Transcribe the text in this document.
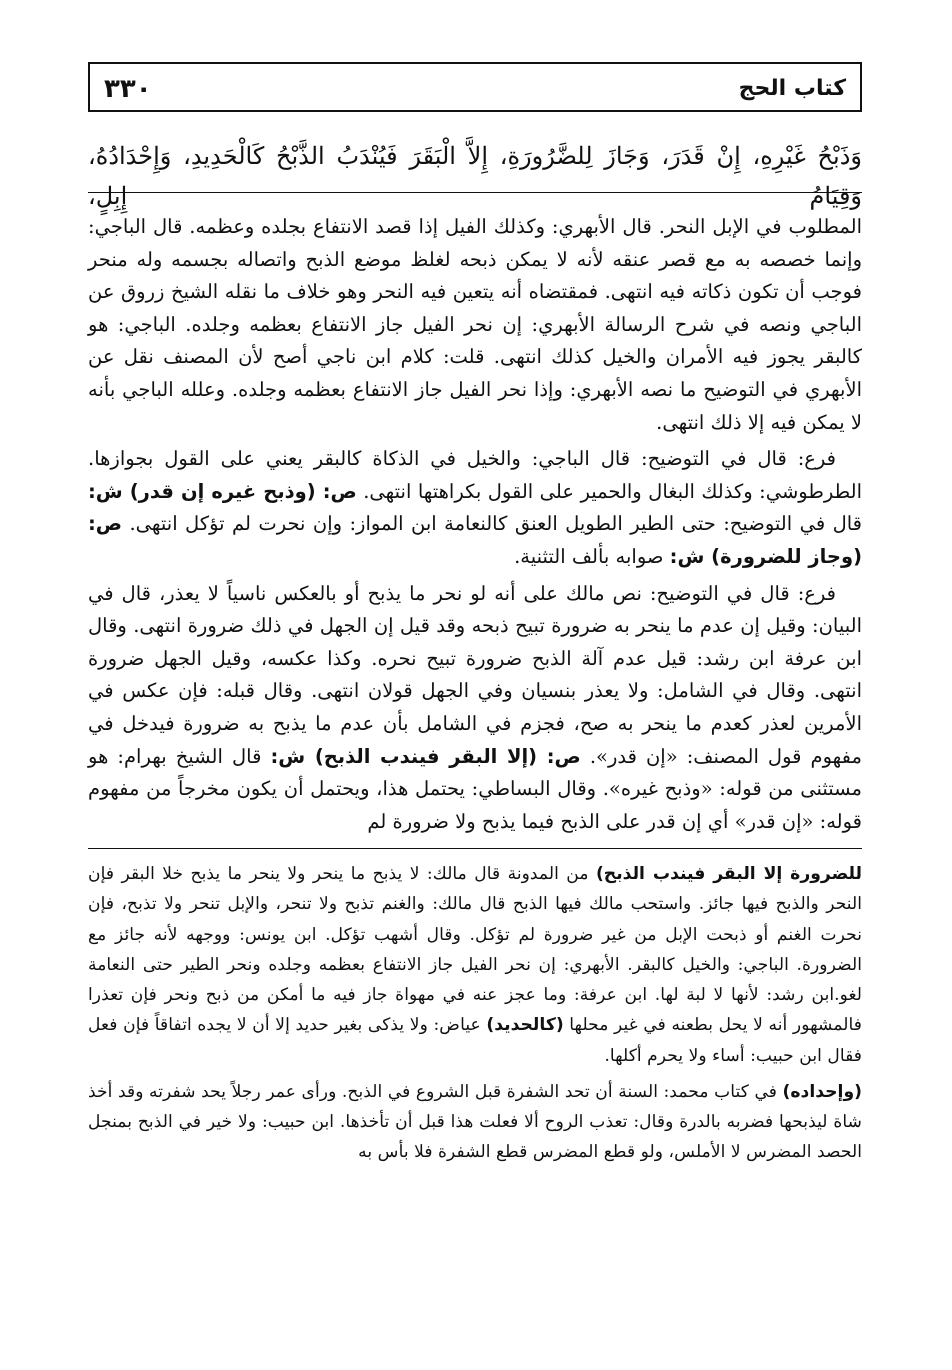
٣٣٠	كتاب الحج
وَذَبْحُ غَيْرِهِ، إِنْ قَدَرَ، وَجَازَ لِلضَّرُورَةِ، إِلاَّ الْبَقَرَ فَيُنْدَبُ الذَّبْحُ كَالْحَدِيدِ، وَإِحْدَادُهُ، وَقِيَامُ إِبِلٍ،

المطلوب في الإبل النحر. قال الأبهري: وكذلك الفيل إذا قصد الانتفاع بجلده وعظمه. قال الباجي: وإنما خصصه به مع قصر عنقه لأنه لا يمكن ذبحه لغلظ موضع الذبح واتصاله بجسمه وله منحر فوجب أن تكون ذكاته فيه انتهى. فمقتضاه أنه يتعين فيه النحر وهو خلاف ما نقله الشيخ زروق عن الباجي ونصه في شرح الرسالة الأبهري: إن نحر الفيل جاز الانتفاع بعظمه وجلده. الباجي: هو كالبقر يجوز فيه الأمران والخيل كذلك انتهى. قلت: كلام ابن ناجي أصح لأن المصنف نقل عن الأبهري في التوضيح ما نصه الأبهري: وإذا نحر الفيل جاز الانتفاع بعظمه وجلده. وعلله الباجي بأنه لا يمكن فيه إلا ذلك انتهى.

فرع: قال في التوضيح: قال الباجي: والخيل في الذكاة كالبقر يعني على القول بجوازها. الطرطوشي: وكذلك البغال والحمير على القول بكراهتها انتهى. ص: (وذبح غيره إن قدر) ش: قال في التوضيح: حتى الطير الطويل العنق كالنعامة ابن المواز: وإن نحرت لم تؤكل انتهى. ص: (وجاز للضرورة) ش: صوابه بألف التثنية.

فرع: قال في التوضيح: نص مالك على أنه لو نحر ما يذبح أو بالعكس ناسياً لا يعذر، قال في البيان: وقيل إن عدم ما ينحر به ضرورة تبيح ذبحه وقد قيل إن الجهل في ذلك ضرورة انتهى. وقال ابن عرفة ابن رشد: قيل عدم آلة الذبح ضرورة تبيح نحره. وكذا عكسه، وقيل الجهل ضرورة انتهى. وقال في الشامل: ولا يعذر بنسيان وفي الجهل قولان انتهى. وقال قبله: فإن عكس في الأمرين لعذر كعدم ما ينحر به صح، فجزم في الشامل بأن عدم ما يذبح به ضرورة فيدخل في مفهوم قول المصنف: «إن قدر». ص: (إلا البقر فيندب الذبح) ش: قال الشيخ بهرام: هو مستثنى من قوله: «وذبح غيره». وقال البساطي: يحتمل هذا، ويحتمل أن يكون مخرجاً من مفهوم قوله: «إن قدر» أي إن قدر على الذبح فيما يذبح ولا ضرورة لم

للضرورة إلا البقر فيندب الذبح) من المدونة قال مالك: لا يذبح ما ينحر ولا ينحر ما يذبح خلا البقر فإن النحر والذبح فيها جائز. واستحب مالك فيها الذبح قال مالك: والغنم تذبح ولا تنحر، والإبل تنحر ولا تذبح، فإن نحرت الغنم أو ذبحت الإبل من غير ضرورة لم تؤكل. وقال أشهب تؤكل. ابن يونس: ووجهه لأنه جائز مع الضرورة. الباجي: والخيل كالبقر. الأبهري: إن نحر الفيل جاز الانتفاع بعظمه وجلده ونحر الطير حتى النعامة لغو.ابن رشد: لأنها لا لبة لها. ابن عرفة: وما عجز عنه في مهواة جاز فيه ما أمكن من ذبح ونحر فإن تعذرا فالمشهور أنه لا يحل بطعنه في غير محلها (كالحديد) عياض: ولا يذكى بغير حديد إلا أن لا يجده اتفاقاً فإن فعل فقال ابن حبيب: أساء ولا يحرم أكلها.

(وإحداده) في كتاب محمد: السنة أن تحد الشفرة قبل الشروع في الذبح. ورأى عمر رجلاً يحد شفرته وقد أخذ شاة ليذبحها فضربه بالدرة وقال: تعذب الروح ألا فعلت هذا قبل أن تأخذها. ابن حبيب: ولا خير في الذبح بمنجل الحصد المضرس لا الأملس، ولو قطع المضرس قطع الشفرة فلا بأس به
